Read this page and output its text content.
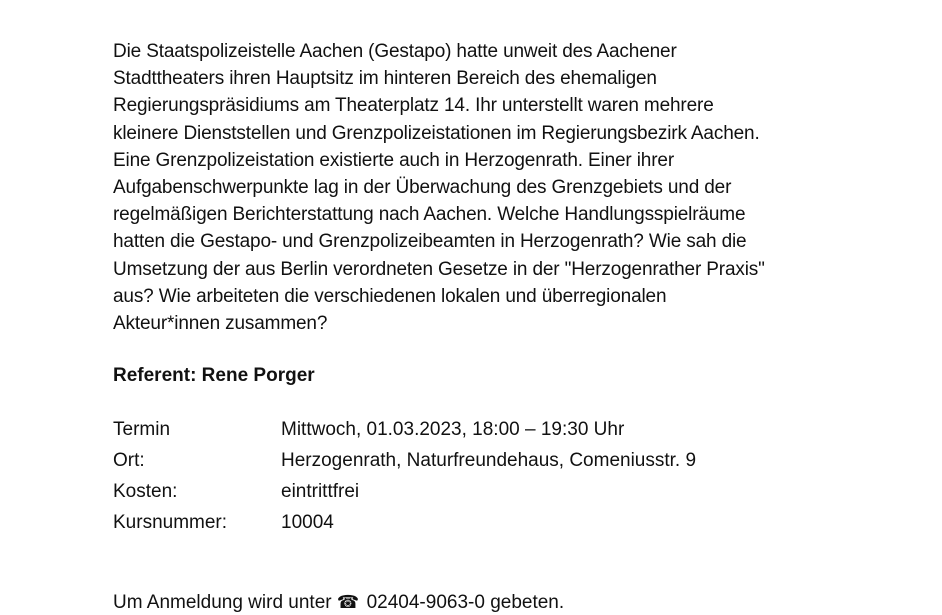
Die Staatspolizeistelle Aachen (Gestapo) hatte unweit des Aachener
Stadttheaters ihren Hauptsitz im hinteren Bereich des ehemaligen
Regierungspräsidiums am Theaterplatz 14. Ihr unterstellt waren mehrere
kleinere Dienststellen und Grenzpolizeistationen im Regierungsbezirk Aachen.
Eine Grenzpolizeistation existierte auch in Herzogenrath. Einer ihrer
Aufgabenschwerpunkte lag in der Überwachung des Grenzgebiets und der
regelmäßigen Berichterstattung nach Aachen. Welche Handlungsspielräume
hatten die Gestapo- und Grenzpolizeibeamten in Herzogenrath? Wie sah die
Umsetzung der aus Berlin verordneten Gesetze in der "Herzogenrather Praxis"
aus? Wie arbeiteten die verschiedenen lokalen und überregionalen
Akteur*innen zusammen?

Referent: Rene Porger

Termin	Mittwoch, 01.03.2023, 18:00 – 19:30 Uhr
Ort:	Herzogenrath, Naturfreundehaus, Comeniusstr. 9
Kosten:	eintrittfrei
Kursnummer:	10004

Um Anmeldung wird unter ☎ 02404-9063-0 gebeten.
